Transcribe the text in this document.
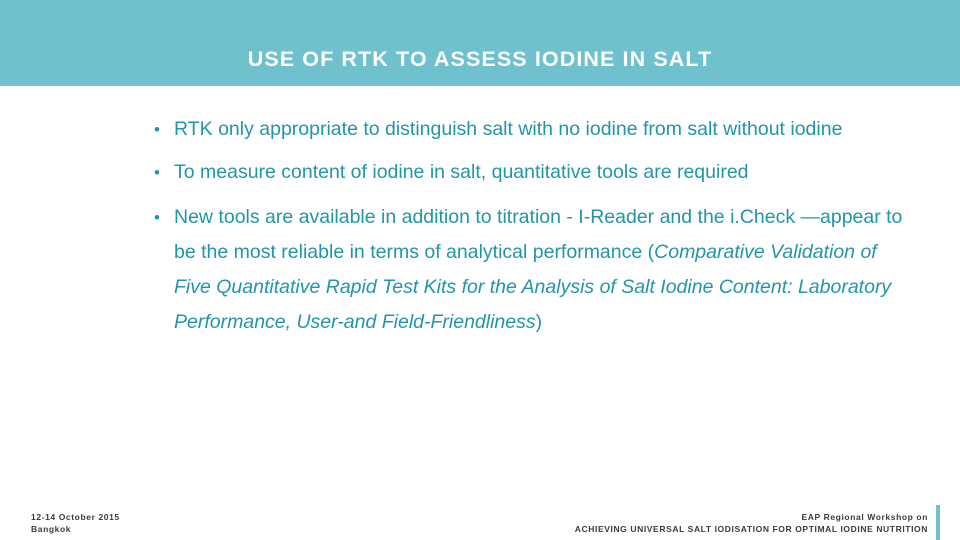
USE OF RTK TO ASSESS IODINE IN SALT
• RTK only appropriate to distinguish salt with no iodine from salt without iodine
• To measure content of iodine in salt, quantitative tools are required
• New tools are available in addition to titration - I-Reader and the i.Check —appear to be the most reliable in terms of analytical performance (Comparative Validation of Five Quantitative Rapid Test Kits for the Analysis of Salt Iodine Content: Laboratory Performance, User-and Field-Friendliness)
12-14 October 2015
Bangkok
EAP Regional Workshop on
ACHIEVING UNIVERSAL SALT IODISATION FOR OPTIMAL IODINE NUTRITION
